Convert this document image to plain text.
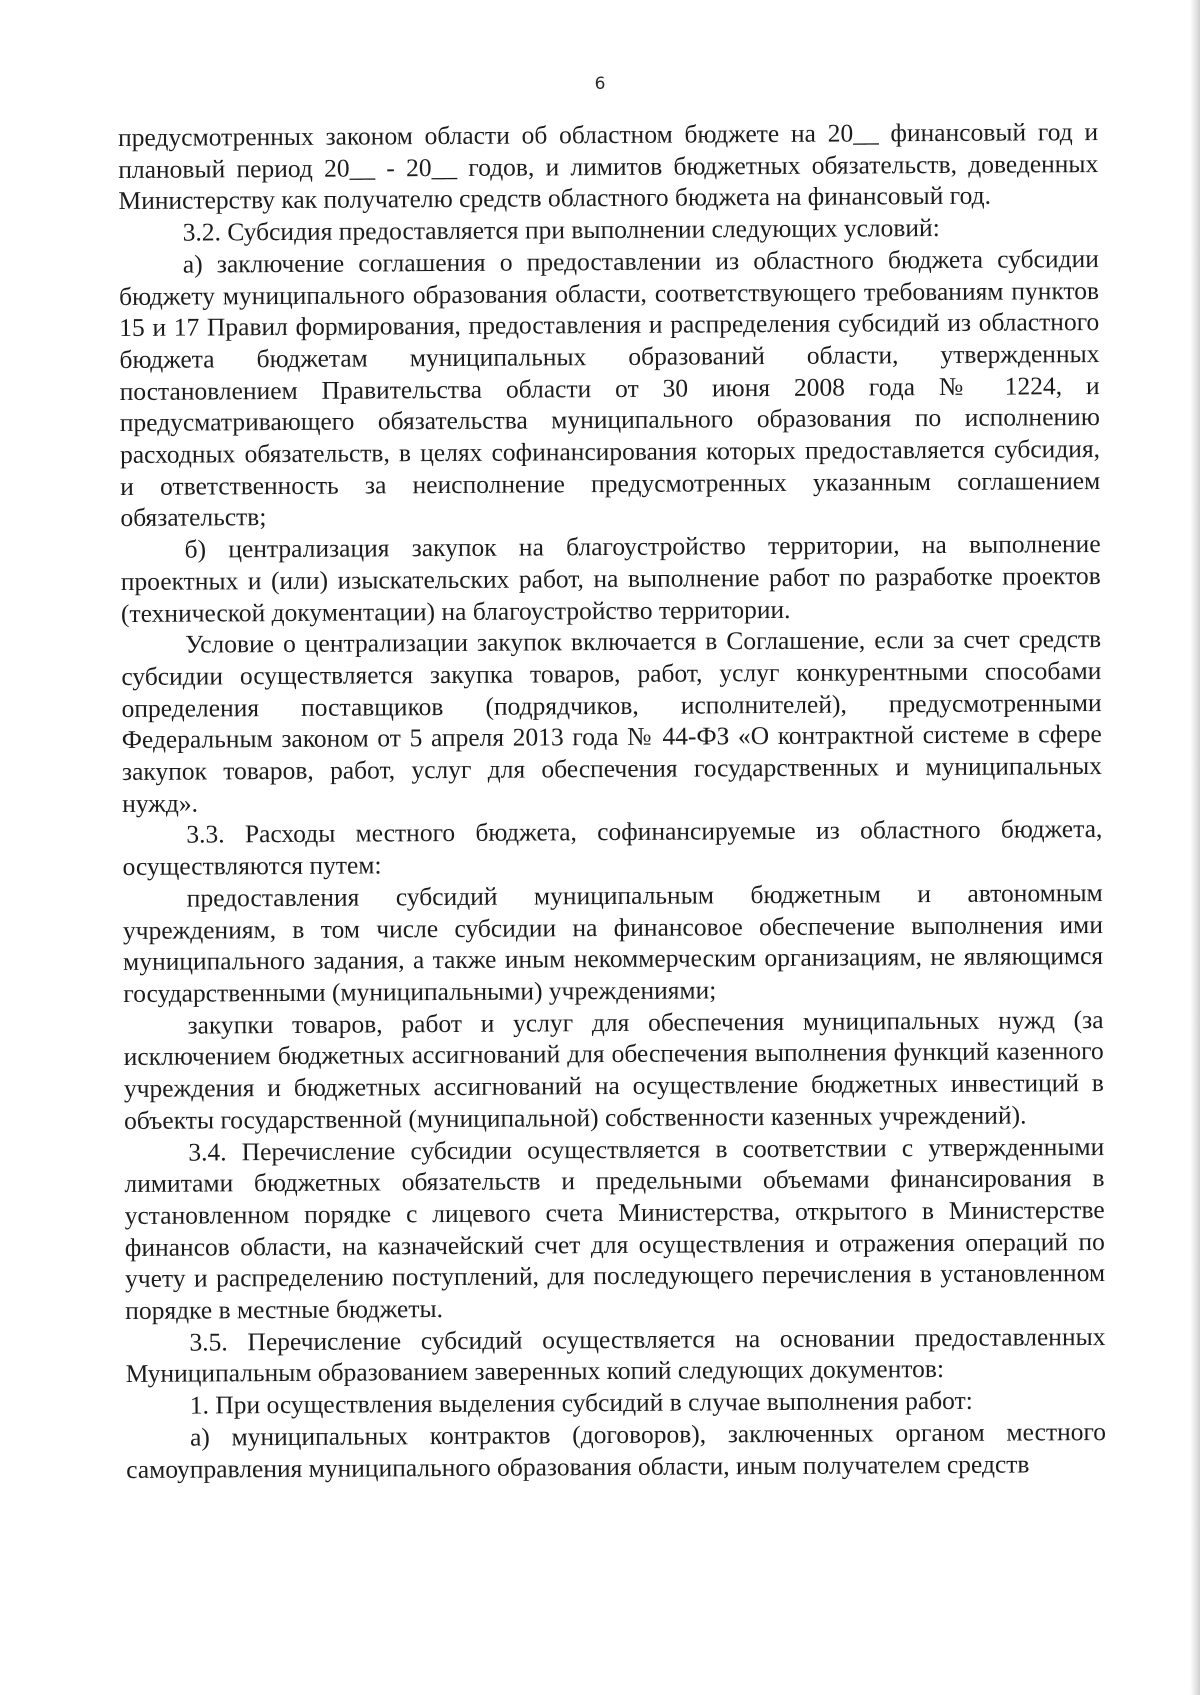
6

предусмотренных законом области об областном бюджете на 20__ финансовый год и плановый период 20__ - 20__ годов, и лимитов бюджетных обязательств, доведенных Министерству как получателю средств областного бюджета на финансовый год.

3.2. Субсидия предоставляется при выполнении следующих условий:

а) заключение соглашения о предоставлении из областного бюджета субсидии бюджету муниципального образования области, соответствующего требованиям пунктов 15 и 17 Правил формирования, предоставления и распределения субсидий из областного бюджета бюджетам муниципальных образований области, утвержденных постановлением Правительства области от 30 июня 2008 года № 1224, и предусматривающего обязательства муниципального образования по исполнению расходных обязательств, в целях софинансирования которых предоставляется субсидия, и ответственность за неисполнение предусмотренных указанным соглашением обязательств;

б) централизация закупок на благоустройство территории, на выполнение проектных и (или) изыскательских работ, на выполнение работ по разработке проектов (технической документации) на благоустройство территории.

Условие о централизации закупок включается в Соглашение, если за счет средств субсидии осуществляется закупка товаров, работ, услуг конкурентными способами определения поставщиков (подрядчиков, исполнителей), предусмотренными Федеральным законом от 5 апреля 2013 года № 44-ФЗ «О контрактной системе в сфере закупок товаров, работ, услуг для обеспечения государственных и муниципальных нужд».

3.3. Расходы местного бюджета, софинансируемые из областного бюджета, осуществляются путем:

предоставления субсидий муниципальным бюджетным и автономным учреждениям, в том числе субсидии на финансовое обеспечение выполнения ими муниципального задания, а также иным некоммерческим организациям, не являющимся государственными (муниципальными) учреждениями;

закупки товаров, работ и услуг для обеспечения муниципальных нужд (за исключением бюджетных ассигнований для обеспечения выполнения функций казенного учреждения и бюджетных ассигнований на осуществление бюджетных инвестиций в объекты государственной (муниципальной) собственности казенных учреждений).

3.4. Перечисление субсидии осуществляется в соответствии с утвержденными лимитами бюджетных обязательств и предельными объемами финансирования в установленном порядке с лицевого счета Министерства, открытого в Министерстве финансов области, на казначейский счет для осуществления и отражения операций по учету и распределению поступлений, для последующего перечисления в установленном порядке в местные бюджеты.

3.5. Перечисление субсидий осуществляется на основании предоставленных Муниципальным образованием заверенных копий следующих документов:

1. При осуществления выделения субсидий в случае выполнения работ:

а) муниципальных контрактов (договоров), заключенных органом местного самоуправления муниципального образования области, иным получателем средств
